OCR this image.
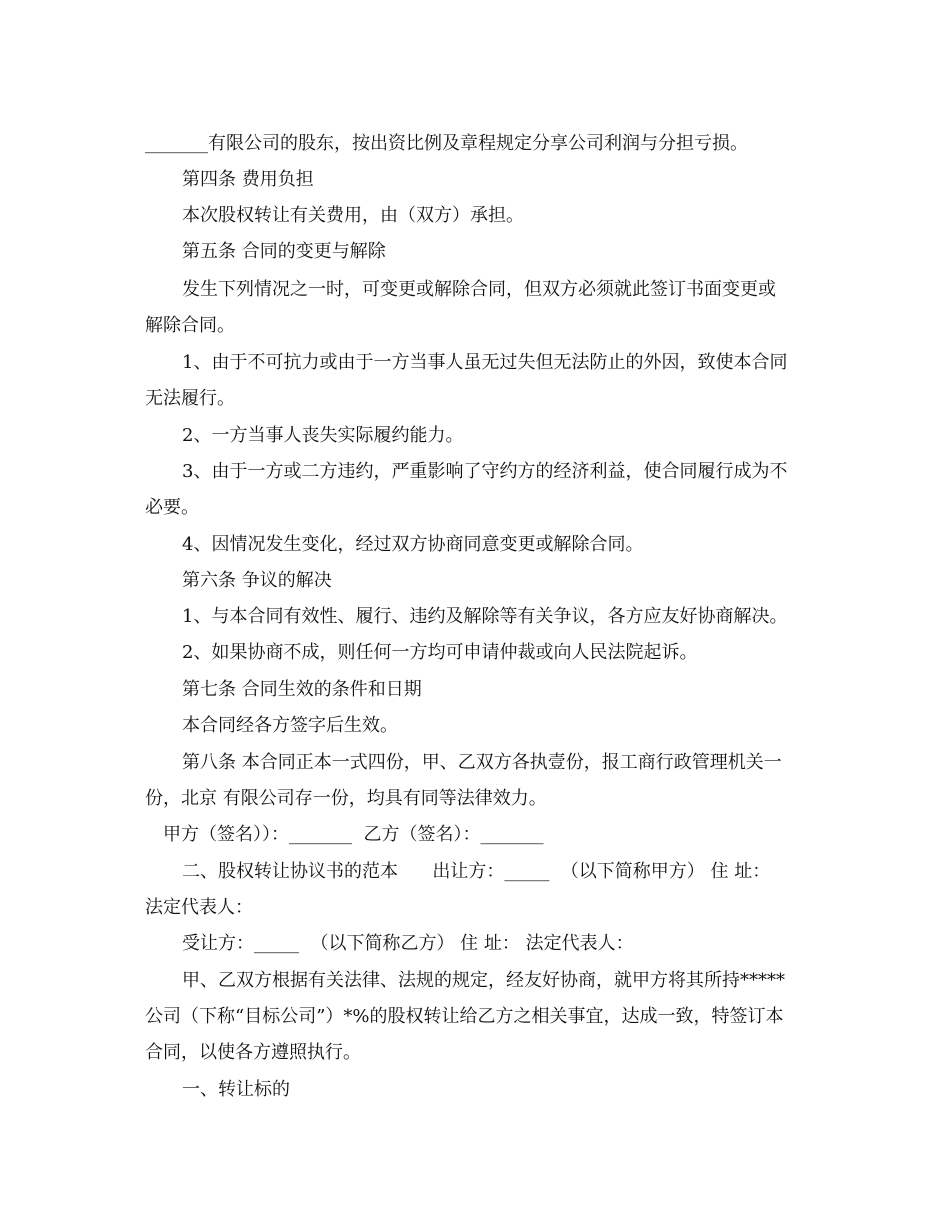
_______有限公司的股东，按出资比例及章程规定分享公司利润与分担亏损。
第四条 费用负担
本次股权转让有关费用，由（双方）承担。
第五条 合同的变更与解除
发生下列情况之一时，可变更或解除合同，但双方必须就此签订书面变更或
解除合同。
1、由于不可抗力或由于一方当事人虽无过失但无法防止的外因，致使本合同
无法履行。
2、一方当事人丧失实际履约能力。
3、由于一方或二方违约，严重影响了守约方的经济利益，使合同履行成为不
必要。
4、因情况发生变化，经过双方协商同意变更或解除合同。
第六条 争议的解决
1、与本合同有效性、履行、违约及解除等有关争议，各方应友好协商解决。
2、如果协商不成，则任何一方均可申请仲裁或向人民法院起诉。
第七条 合同生效的条件和日期
本合同经各方签字后生效。
第八条 本合同正本一式四份，甲、乙双方各执壹份，报工商行政管理机关一
份，北京 有限公司存一份，均具有同等法律效力。
甲方（签名））：_______  乙方（签名）：_______
二、股权转让协议书的范本      出让方：_____  （以下简称甲方） 住 址：
法定代表人：
受让方：_____  （以下简称乙方） 住 址： 法定代表人：
甲、乙双方根据有关法律、法规的规定，经友好协商，就甲方将其所持*****
公司（下称“目标公司”）*%的股权转让给乙方之相关事宜，达成一致，特签订本
合同，以使各方遵照执行。
一、转让标的
